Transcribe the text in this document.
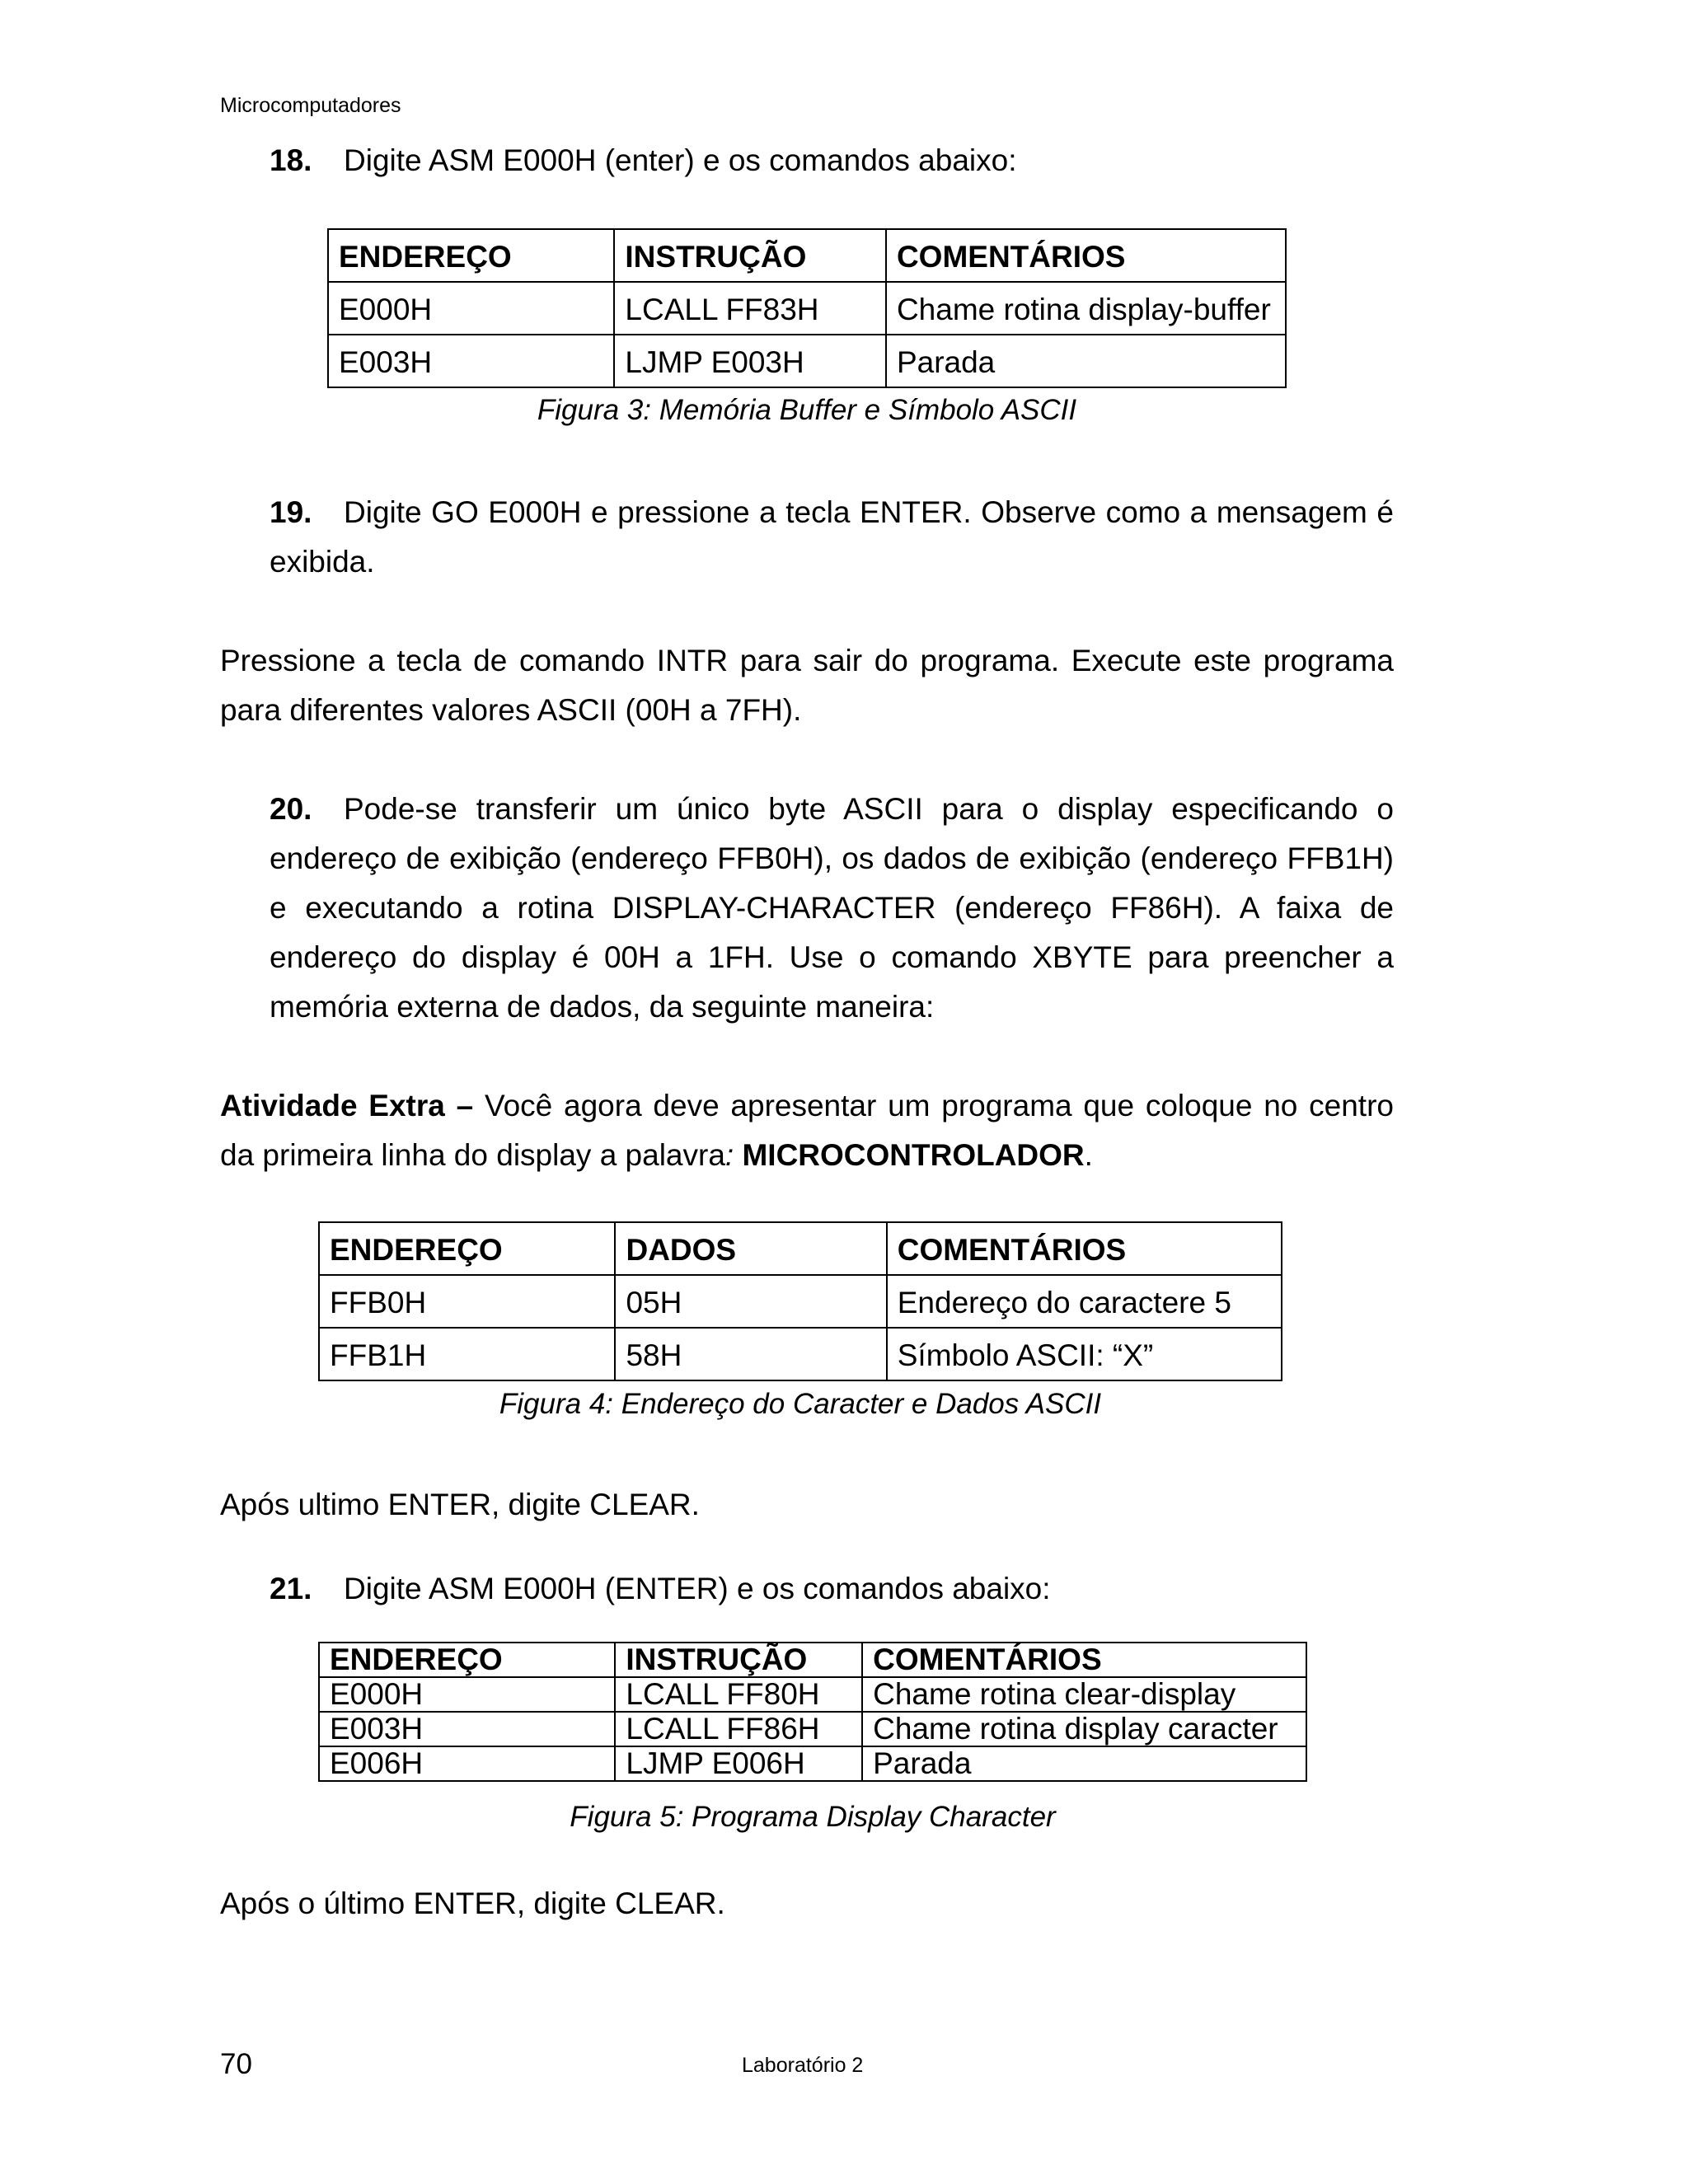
Microcomputadores
18. Digite ASM E000H (enter) e os comandos abaixo:
ENDEREÇO	INSTRUÇÃO	COMENTÁRIOS
E000H	LCALL FF83H	Chame rotina display-buffer
E003H	LJMP E003H	Parada
Figura 3: Memória Buffer e Símbolo ASCII
19. Digite GO E000H e pressione a tecla ENTER. Observe como a mensagem é exibida.
Pressione a tecla de comando INTR para sair do programa. Execute este programa para diferentes valores ASCII (00H a 7FH).
20. Pode-se transferir um único byte ASCII para o display especificando o endereço de exibição (endereço FFB0H), os dados de exibição (endereço FFB1H) e executando a rotina DISPLAY-CHARACTER (endereço FF86H). A faixa de endereço do display é 00H a 1FH. Use o comando XBYTE para preencher a memória externa de dados, da seguinte maneira:
Atividade Extra – Você agora deve apresentar um programa que coloque no centro da primeira linha do display a palavra: MICROCONTROLADOR.
ENDEREÇO	DADOS	COMENTÁRIOS
FFB0H	05H	Endereço do caractere 5
FFB1H	58H	Símbolo ASCII: “X”
Figura 4: Endereço do Caracter e Dados ASCII
Após ultimo ENTER, digite CLEAR.
21. Digite ASM E000H (ENTER) e os comandos abaixo:
ENDEREÇO	INSTRUÇÃO	COMENTÁRIOS
E000H	LCALL FF80H	Chame rotina clear-display
E003H	LCALL FF86H	Chame rotina display caracter
E006H	LJMP E006H	Parada
Figura 5: Programa Display Character
Após o último ENTER, digite CLEAR.
70	Laboratório 2
